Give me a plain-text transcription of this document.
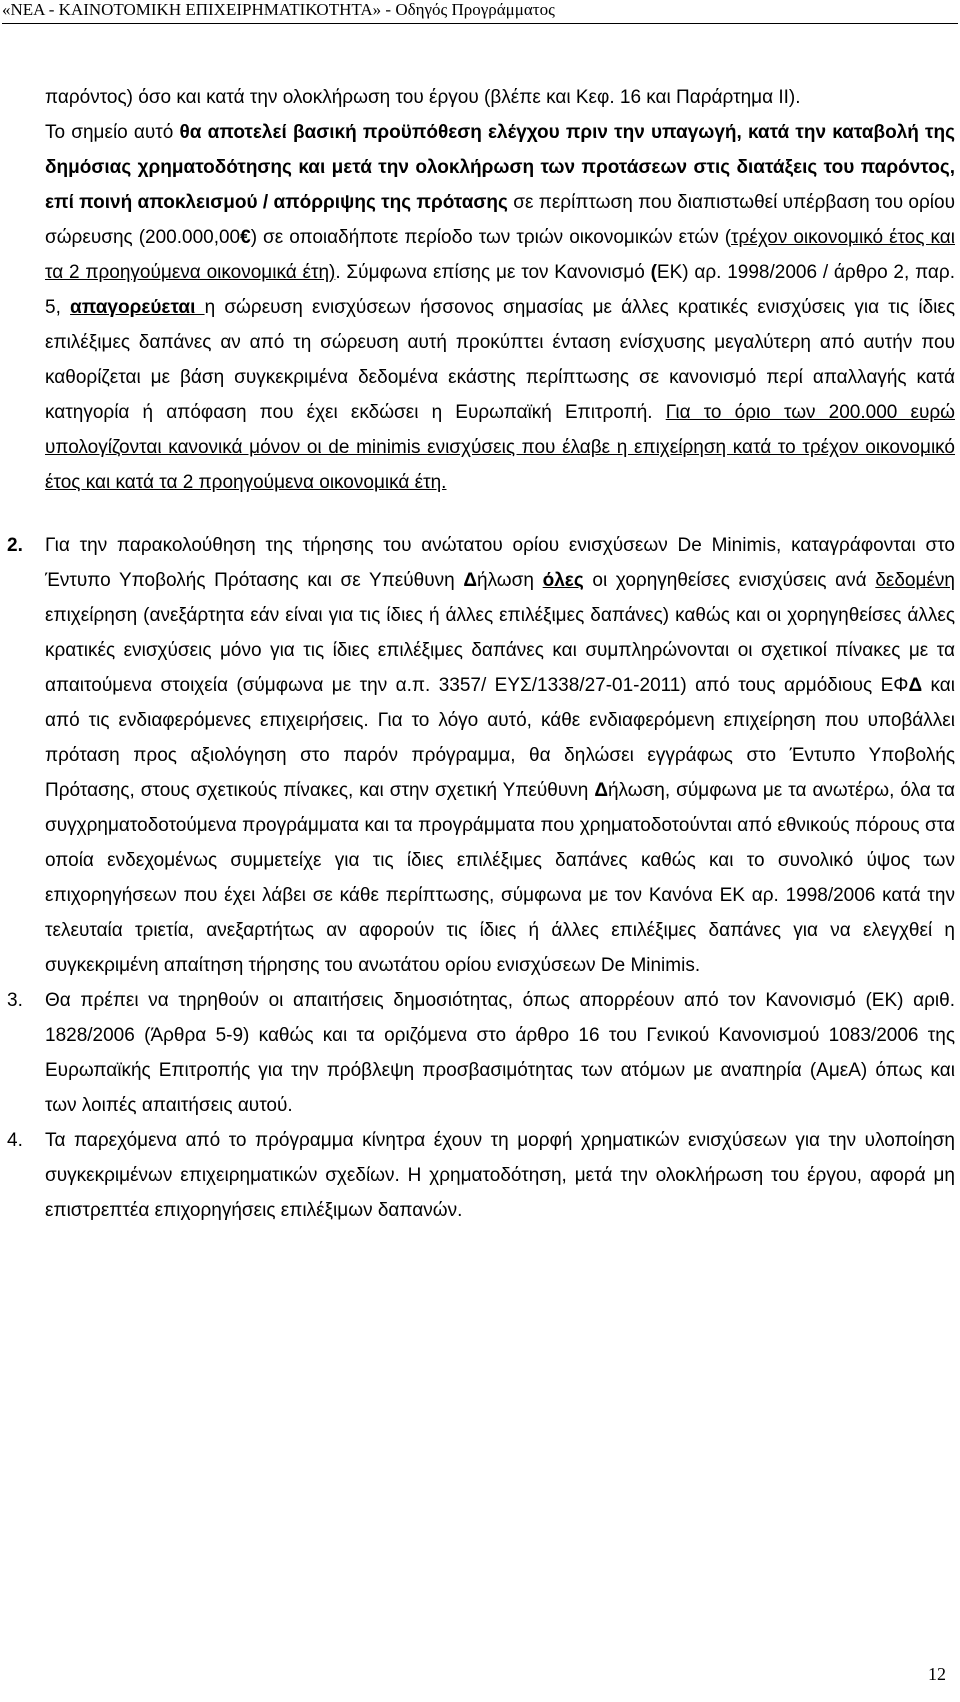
«ΝΕΑ - ΚΑΙΝΟΤΟΜΙΚΗ ΕΠΙΧΕΙΡΗΜΑΤΙΚΟΤΗΤΑ» - Οδηγός Προγράμματος

παρόντος) όσο και κατά την ολοκλήρωση του έργου (βλέπε και Κεφ. 16 και Παράρτημα ΙΙ).
Το σημείο αυτό θα αποτελεί βασική προϋπόθεση ελέγχου πριν την υπαγωγή, κατά την καταβολή της δημόσιας χρηματοδότησης και μετά την ολοκλήρωση των προτάσεων στις διατάξεις του παρόντος, επί ποινή αποκλεισμού / απόρριψης της πρότασης σε περίπτωση που διαπιστωθεί υπέρβαση του ορίου σώρευσης (200.000,00€) σε οποιαδήποτε περίοδο των τριών οικονομικών ετών (τρέχον οικονομικό έτος και τα 2 προηγούμενα οικονομικά έτη). Σύμφωνα επίσης με τον Κανονισμό (ΕΚ) αρ. 1998/2006 / άρθρο 2, παρ. 5, απαγορεύεται η σώρευση ενισχύσεων ήσσονος σημασίας με άλλες κρατικές ενισχύσεις για τις ίδιες επιλέξιμες δαπάνες αν από τη σώρευση αυτή προκύπτει ένταση ενίσχυσης μεγαλύτερη από αυτήν που καθορίζεται με βάση συγκεκριμένα δεδομένα εκάστης περίπτωσης σε κανονισμό περί απαλλαγής κατά κατηγορία ή απόφαση που έχει εκδώσει η Ευρωπαϊκή Επιτροπή. Για το όριο των 200.000 ευρώ υπολογίζονται κανονικά μόνον οι de minimis ενισχύσεις που έλαβε η επιχείρηση κατά το τρέχον οικονομικό έτος και κατά τα 2 προηγούμενα οικονομικά έτη.

2. Για την παρακολούθηση της τήρησης του ανώτατου ορίου ενισχύσεων De Minimis, καταγράφονται στο Έντυπο Υποβολής Πρότασης και σε Υπεύθυνη Δήλωση όλες οι χορηγηθείσες ενισχύσεις ανά δεδομένη επιχείρηση (ανεξάρτητα εάν είναι για τις ίδιες ή άλλες επιλέξιμες δαπάνες) καθώς και οι χορηγηθείσες άλλες κρατικές ενισχύσεις μόνο για τις ίδιες επιλέξιμες δαπάνες και συμπληρώνονται οι σχετικοί πίνακες με τα απαιτούμενα στοιχεία (σύμφωνα με την α.π. 3357/ ΕΥΣ/1338/27-01-2011) από τους αρμόδιους ΕΦΔ και από τις ενδιαφερόμενες επιχειρήσεις. Για το λόγο αυτό, κάθε ενδιαφερόμενη επιχείρηση που υποβάλλει πρόταση προς αξιολόγηση στο παρόν πρόγραμμα, θα δηλώσει εγγράφως στο Έντυπο Υποβολής Πρότασης, στους σχετικούς πίνακες, και στην σχετική Υπεύθυνη Δήλωση, σύμφωνα με τα ανωτέρω, όλα τα συγχρηματοδοτούμενα προγράμματα και τα προγράμματα που χρηματοδοτούνται από εθνικούς πόρους στα οποία ενδεχομένως συμμετείχε για τις ίδιες επιλέξιμες δαπάνες καθώς και το συνολικό ύψος των επιχορηγήσεων που έχει λάβει σε κάθε περίπτωσης, σύμφωνα με τον Κανόνα ΕΚ αρ. 1998/2006 κατά την τελευταία τριετία, ανεξαρτήτως αν αφορούν τις ίδιες ή άλλες επιλέξιμες δαπάνες για να ελεγχθεί η συγκεκριμένη απαίτηση τήρησης του ανωτάτου ορίου ενισχύσεων De Minimis.

3. Θα πρέπει να τηρηθούν οι απαιτήσεις δημοσιότητας, όπως απορρέουν από τον Κανονισμό (ΕΚ) αριθ. 1828/2006 (Άρθρα 5-9) καθώς και τα οριζόμενα στο άρθρο 16 του Γενικού Κανονισμού 1083/2006 της Ευρωπαϊκής Επιτροπής για την πρόβλεψη προσβασιμότητας των ατόμων με αναπηρία (ΑμεΑ) όπως και των λοιπές απαιτήσεις αυτού.

4. Τα παρεχόμενα από το πρόγραμμα κίνητρα έχουν τη μορφή χρηματικών ενισχύσεων για την υλοποίηση συγκεκριμένων επιχειρηματικών σχεδίων. Η χρηματοδότηση, μετά την ολοκλήρωση του έργου, αφορά μη επιστρεπτέα επιχορηγήσεις επιλέξιμων δαπανών.

12
